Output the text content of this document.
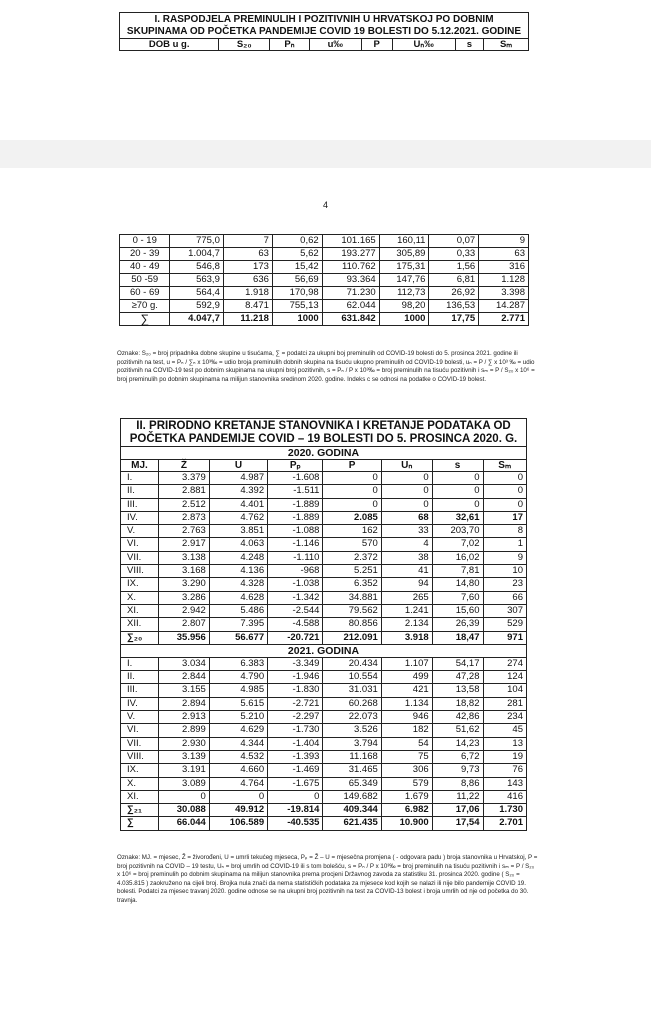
I. RASPODJELA PREMINULIH I POZITIVNIH U HRVATSKOJ PO DOBNIM SKUPINAMA OD POČETKA PANDEMIJE COVID 19 BOLESTI DO 5.12.2021. GODINE
DOB u g.	S₂₀	Pₙ	u‰	P	Uₙ‰	s	Sₘ
4
0 - 19	775,0	7	0,62	101.165	160,11	0,07	9
20 - 39	1.004,7	63	5,62	193.277	305,89	0,33	63
40 - 49	546,8	173	15,42	110.762	175,31	1,56	316
50 -59	563,9	636	56,69	93.364	147,76	6,81	1.128
60 - 69	564,4	1.918	170,98	71.230	112,73	26,92	3.398
≥70 g.	592,9	8.471	755,13	62.044	98,20	136,53	14.287
∑	4.047,7	11.218	1000	631.842	1000	17,75	2.771
Oznake: S₂₀ = broj pripadnika dobne skupine u tisućama, ∑ = podatci za ukupni boj preminulih od COVID-19 bolesti do 5. prosinca 2021. godine ili pozitivnih na test, u = Pₙ / ∑ₙ x 10³‰ = udio broja preminulih dobnih skupina na tisuću ukupno preminulih od COVID-19 bolesti, uₙ = P / ∑ x 10³ ‰ = udio pozitivnih na COVID-19 test po dobnim skupinama na ukupni broj pozitivnih, s = Pₙ / P x 10³‰ = broj preminulih na tisuću pozitivnih i sₘ = P / S₂₀ x 10⁶ = broj preminulih po dobnim skupinama na milijun stanovnika sredinom 2020. godine. Indeks c se odnosi na podatke o COVID-19 bolest.
II. PRIRODNO KRETANJE STANOVNIKA I KRETANJE PODATAKA OD POČETKA PANDEMIJE COVID – 19 BOLESTI DO 5. PROSINCA 2020. G.							
2020. GODINA							
MJ.	Ž	U	Pₚ	P	Uₙ	s	Sₘ
I.	3.379	4.987	-1.608	0	0	0	0
II.	2.881	4.392	-1.511	0	0	0	0
III.	2.512	4.401	-1.889	0	0	0	0
IV.	2.873	4.762	-1.889	2.085	68	32,61	17
V.	2.763	3.851	-1.088	162	33	203,70	8
VI.	2.917	4.063	-1.146	570	4	7,02	1
VII.	3.138	4.248	-1.110	2.372	38	16,02	9
VIII.	3.168	4.136	-968	5.251	41	7,81	10
IX.	3.290	4.328	-1.038	6.352	94	14,80	23
X.	3.286	4.628	-1.342	34.881	265	7,60	66
XI.	2.942	5.486	-2.544	79.562	1.241	15,60	307
XII.	2.807	7.395	-4.588	80.856	2.134	26,39	529
∑₂₀	35.956	56.677	-20.721	212.091	3.918	18,47	971
2021. GODINA							
I.	3.034	6.383	-3.349	20.434	1.107	54,17	274
II.	2.844	4.790	-1.946	10.554	499	47,28	124
III.	3.155	4.985	-1.830	31.031	421	13,58	104
IV.	2.894	5.615	-2.721	60.268	1.134	18,82	281
V.	2.913	5.210	-2.297	22.073	946	42,86	234
VI.	2.899	4.629	-1.730	3.526	182	51,62	45
VII.	2.930	4.344	-1.404	3.794	54	14,23	13
VIII.	3.139	4.532	-1.393	11.168	75	6,72	19
IX.	3.191	4.660	-1.469	31.465	306	9,73	76
X.	3.089	4.764	-1.675	65.349	579	8,86	143
XI.	0	0	0	149.682	1.679	11,22	416
∑₂₁	30.088	49.912	-19.814	409.344	6.982	17,06	1.730
∑	66.044	106.589	-40.535	621.435	10.900	17,54	2.701
Oznake: MJ. = mjesec, Ž = živorođeni, U = umrli tekućeg mjeseca, Pₚ = Ž – U = mjesečna promjena ( - odgovara padu ) broja stanovnika u Hrvatskoj, P = broj pozitivnih na COVID – 19 testu, Uₙ = broj umrlih od COVID-19 ili s tom bolešću, s = Pₙ / P x 10³‰ = broj preminulih na tisuću pozitivnih i sₘ = P / S₂₀ x 10⁶ = broj preminulih po dobnim skupinama na milijun stanovnika prema procjeni Državnog zavoda za statistiku 31. prosinca 2020. godine ( S₂₀ = 4.035.815 ) zaokruženo na cijeli broj. Brojka nula znači da nema statističkih podataka za mjesece kod kojih se nalazi ili nije bilo pandemije COVID 19. bolesti. Podatci za mjesec travanj 2020. godine odnose se na ukupni broj pozitivnih na test za COVID-13 bolest i broja umrlih od nje od početka do 30. travnja.
